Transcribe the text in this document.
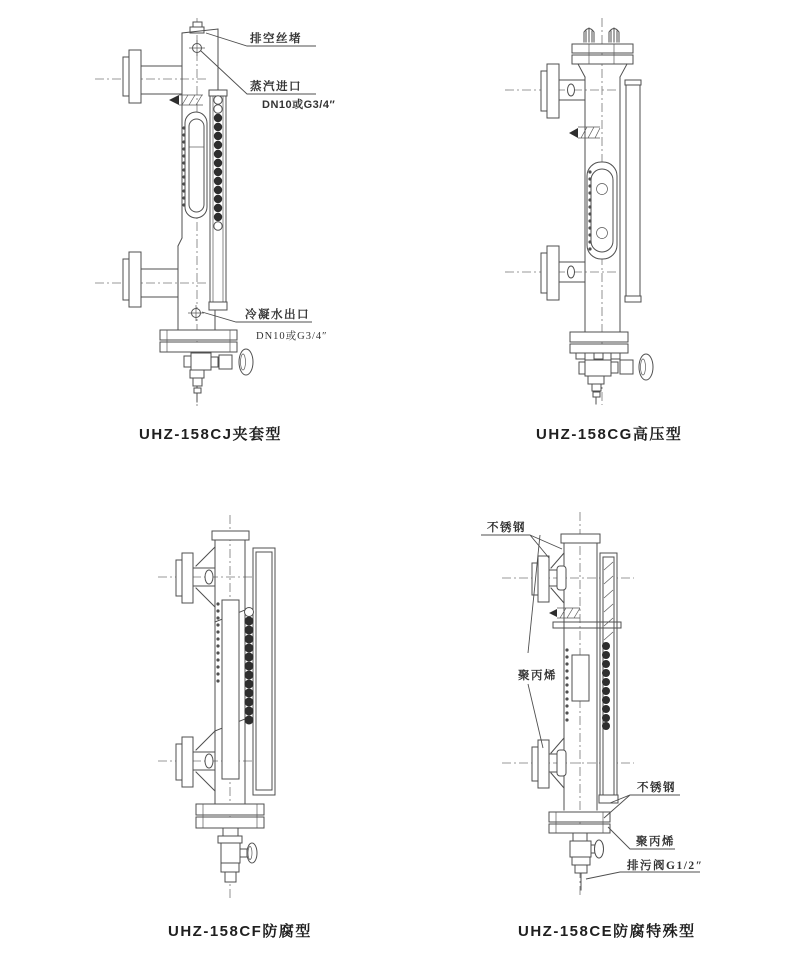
排空丝堵
蒸汽进口
DN10或G3/4″
冷凝水出口
DN10或G3/4″
不锈钢
聚丙烯
不锈钢
聚丙烯
排污阀G1/2″
UHZ-158CJ夹套型	UHZ-158CG高压型
UHZ-158CF防腐型	UHZ-158CE防腐特殊型
